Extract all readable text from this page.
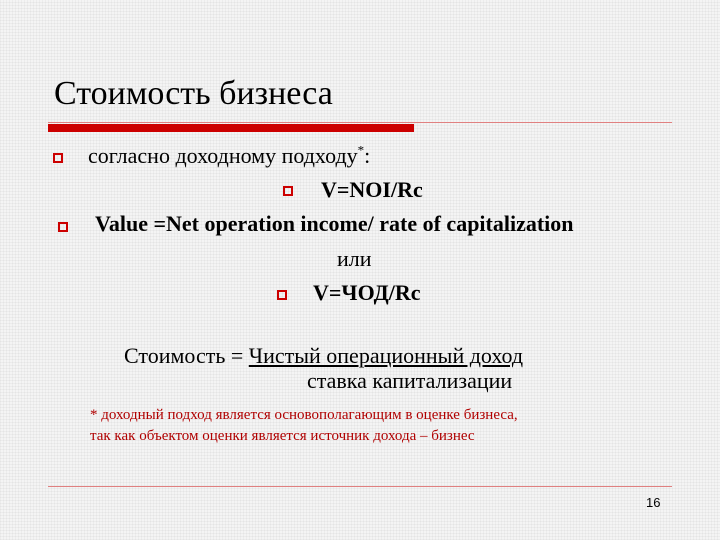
Стоимость бизнеса
согласно доходному подходу*:
V=NOI/Rc
Value =Net operation income/ rate of capitalization
или
V=ЧОД/Rc
Стоимость = Чистый операционный доход
ставка капитализации
* доходный подход является основополагающим в оценке бизнеса,
так как объектом оценки является источник дохода – бизнес
16
